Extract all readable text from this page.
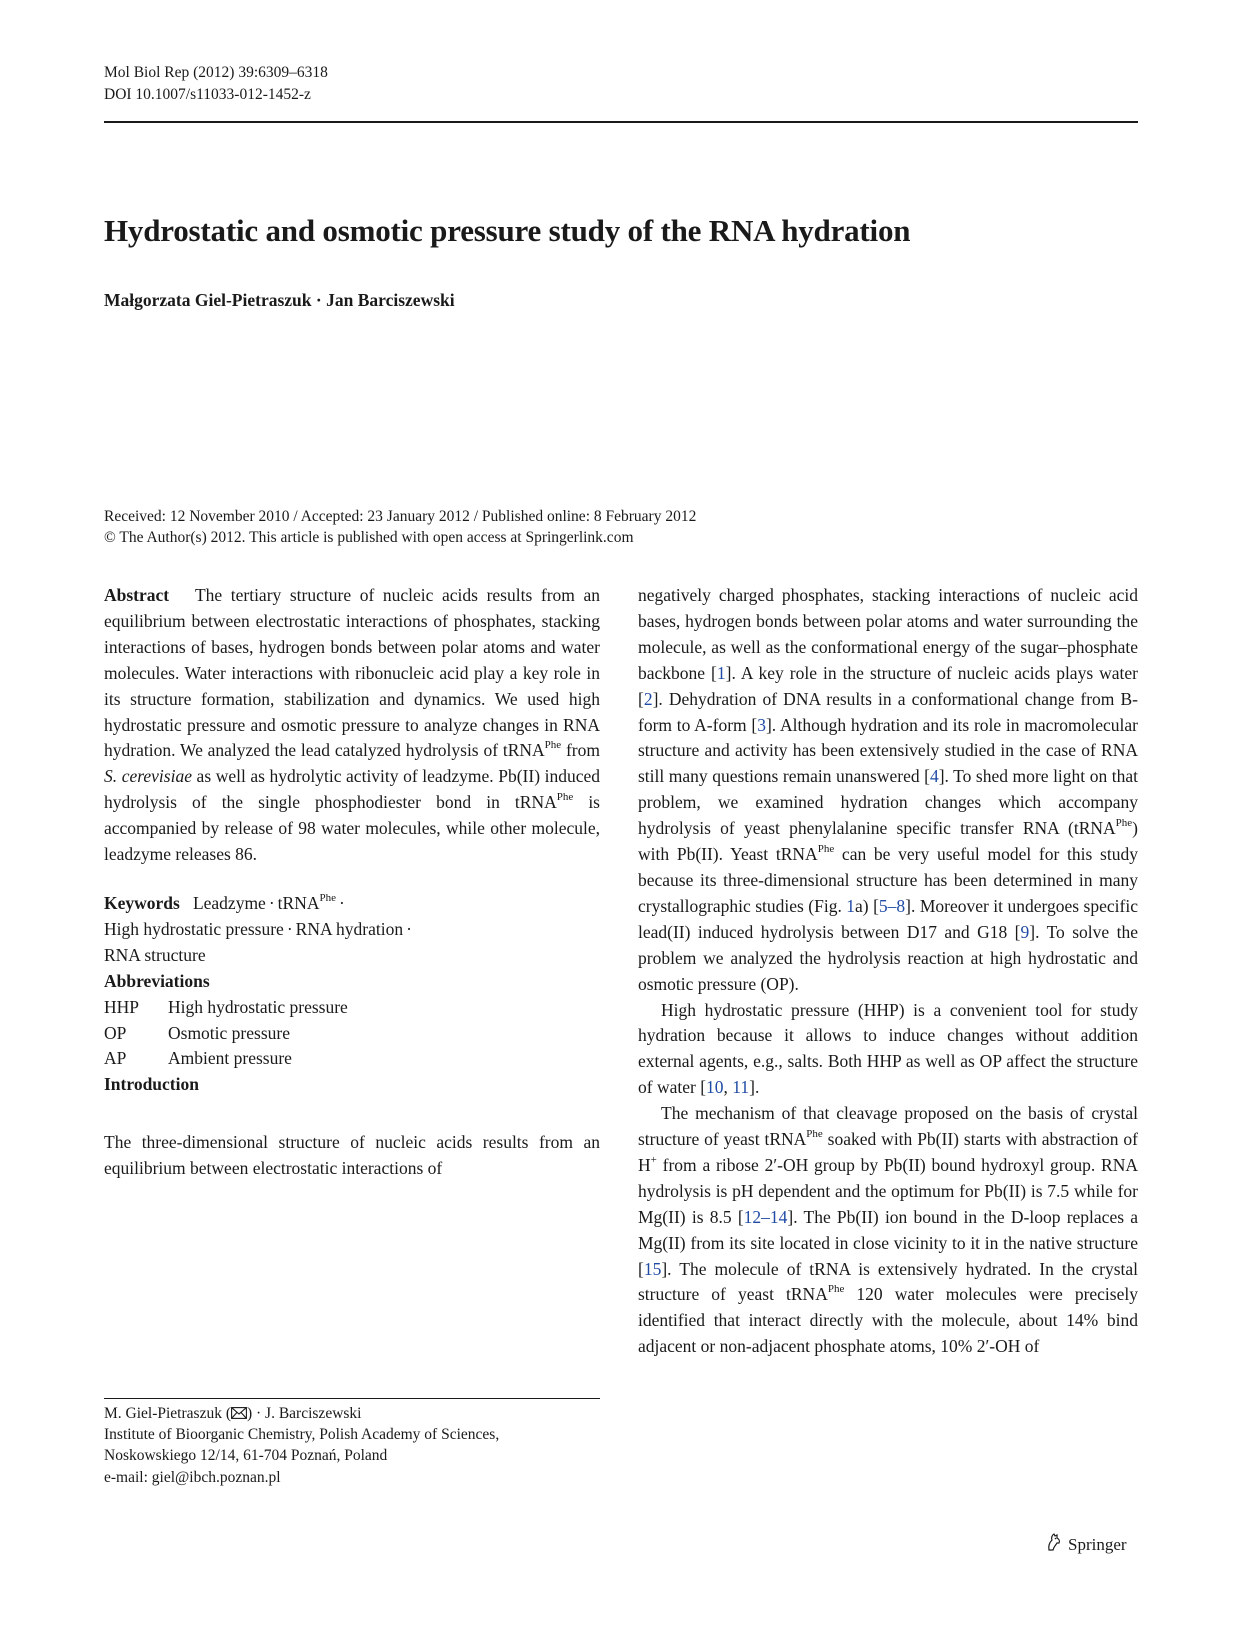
Mol Biol Rep (2012) 39:6309–6318
DOI 10.1007/s11033-012-1452-z
Hydrostatic and osmotic pressure study of the RNA hydration
Małgorzata Giel-Pietraszuk · Jan Barciszewski
Received: 12 November 2010 / Accepted: 23 January 2012 / Published online: 8 February 2012
© The Author(s) 2012. This article is published with open access at Springerlink.com

Abstract The tertiary structure of nucleic acids results from an equilibrium between electrostatic interactions of phosphates, stacking interactions of bases, hydrogen bonds between polar atoms and water molecules. Water interactions with ribonucleic acid play a key role in its structure formation, stabilization and dynamics. We used high hydrostatic pressure and osmotic pressure to analyze changes in RNA hydration. We analyzed the lead catalyzed hydrolysis of tRNA$^{Phe}$ from S. cerevisiae as well as hydrolytic activity of leadzyme. Pb(II) induced hydrolysis of the single phosphodiester bond in tRNA$^{Phe}$ is accompanied by release of 98 water molecules, while other molecule, leadzyme releases 86.

Keywords Leadzyme · tRNA$^{Phe}$ ·
High hydrostatic pressure · RNA hydration ·
RNA structure

Abbreviations

HHP	High hydrostatic pressure
OP	Osmotic pressure
AP	Ambient pressure

Introduction

The three-dimensional structure of nucleic acids results from an equilibrium between electrostatic interactions of

M. Giel-Pietraszuk ( ) · J. Barciszewski
Institute of Bioorganic Chemistry, Polish Academy of Sciences,
Noskowskiego 12/14, 61-704 Poznań, Poland
e-mail: giel@ibch.poznan.pl

negatively charged phosphates, stacking interactions of nucleic acid bases, hydrogen bonds between polar atoms and water surrounding the molecule, as well as the conformational energy of the sugar–phosphate backbone [1]. A key role in the structure of nucleic acids plays water [2]. Dehydration of DNA results in a conformational change from B-form to A-form [3]. Although hydration and its role in macromolecular structure and activity has been extensively studied in the case of RNA still many questions remain unanswered [4]. To shed more light on that problem, we examined hydration changes which accompany hydrolysis of yeast phenylalanine specific transfer RNA (tRNA$^{Phe}$) with Pb(II). Yeast tRNA$^{Phe}$ can be very useful model for this study because its three-dimensional structure has been determined in many crystallographic studies (Fig. 1a) [5–8]. Moreover it undergoes specific lead(II) induced hydrolysis between D17 and G18 [9]. To solve the problem we analyzed the hydrolysis reaction at high hydrostatic and osmotic pressure (OP).

High hydrostatic pressure (HHP) is a convenient tool for study hydration because it allows to induce changes without addition external agents, e.g., salts. Both HHP as well as OP affect the structure of water [10, 11].

The mechanism of that cleavage proposed on the basis of crystal structure of yeast tRNA$^{Phe}$ soaked with Pb(II) starts with abstraction of H+ from a ribose 2′-OH group by Pb(II) bound hydroxyl group. RNA hydrolysis is pH dependent and the optimum for Pb(II) is 7.5 while for Mg(II) is 8.5 [12–14]. The Pb(II) ion bound in the D-loop replaces a Mg(II) from its site located in close vicinity to it in the native structure [15]. The molecule of tRNA is extensively hydrated. In the crystal structure of yeast tRNA$^{Phe}$ 120 water molecules were precisely identified that interact directly with the molecule, about 14% bind adjacent or non-adjacent phosphate atoms, 10% 2′-OH of

Springer
